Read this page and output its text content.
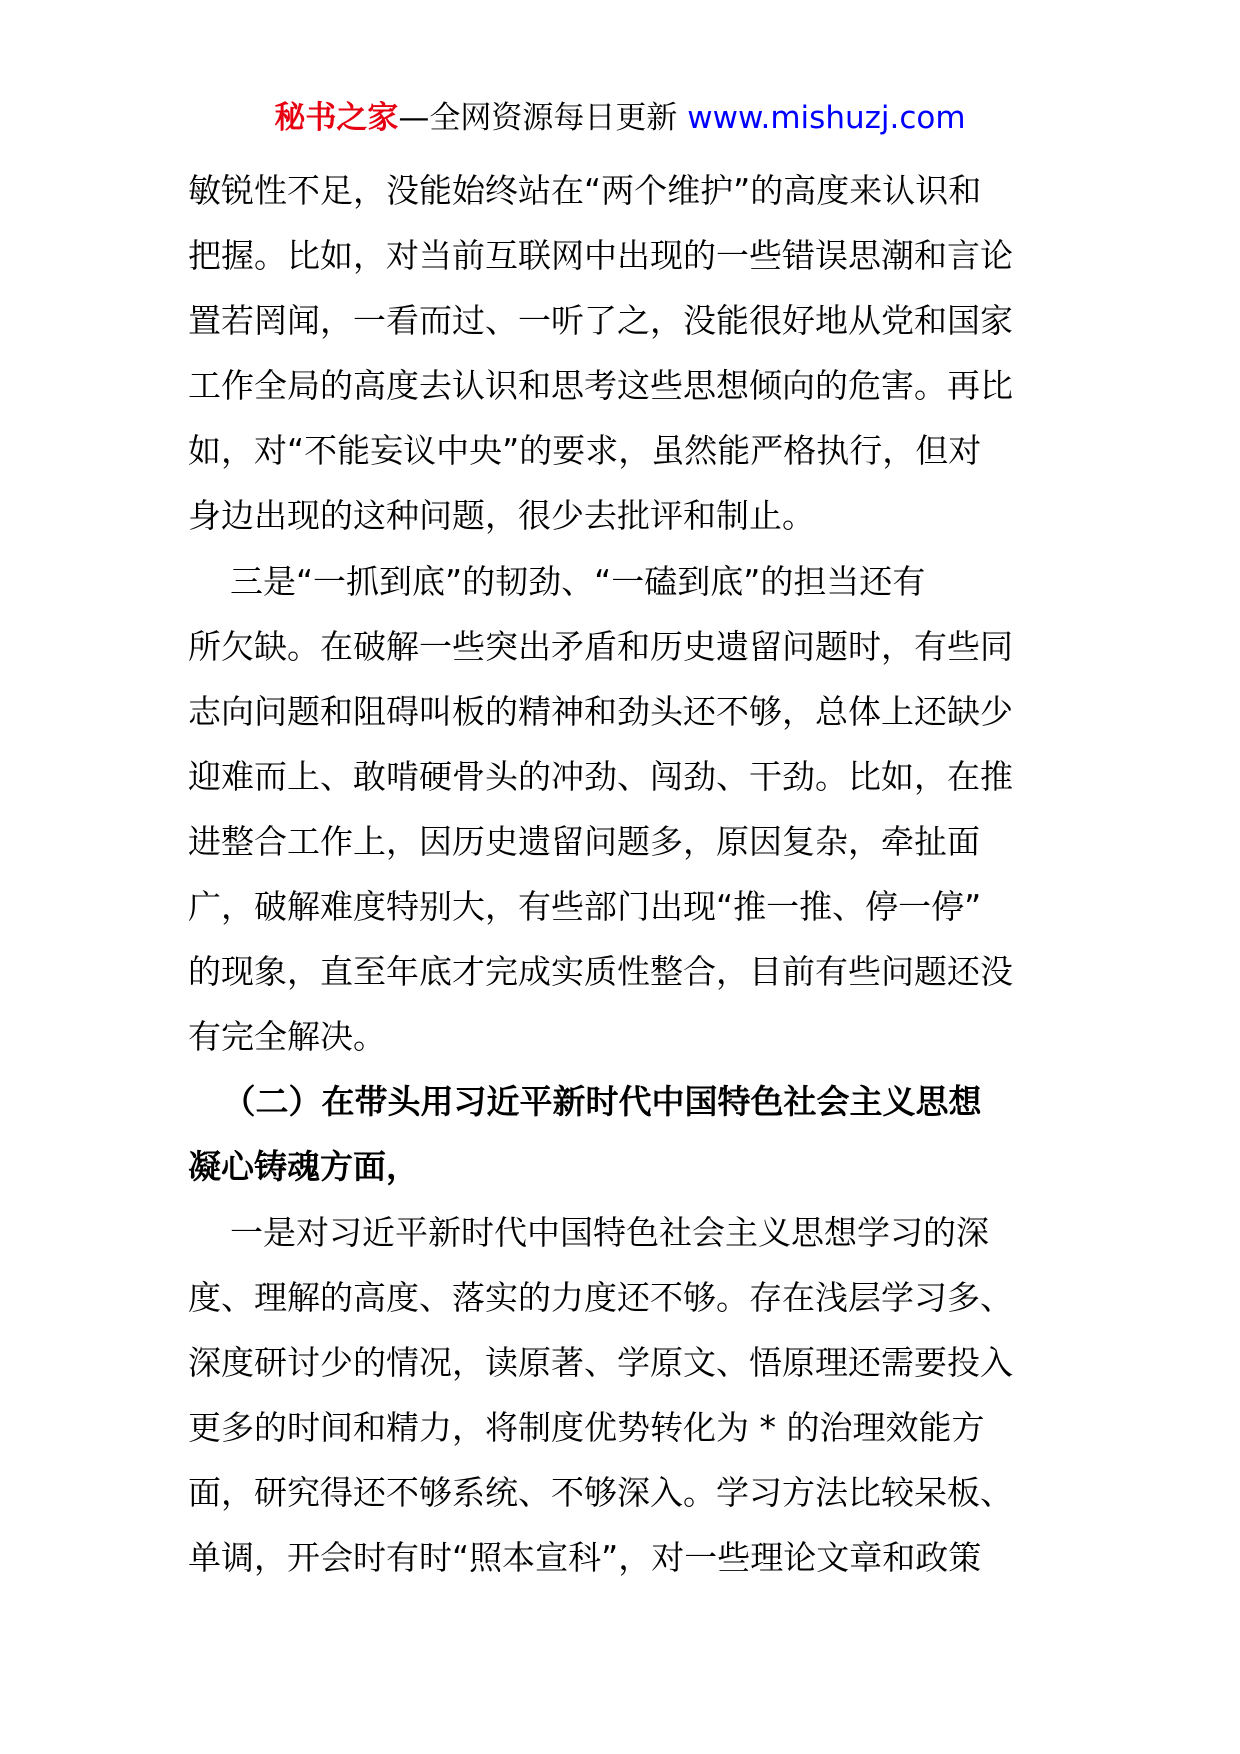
秘书之家—全网资源每日更新 www.mishuzj.com
敏锐性不足，没能始终站在“两个维护”的高度来认识和
把握。比如，对当前互联网中出现的一些错误思潮和言论
置若罔闻，一看而过、一听了之，没能很好地从党和国家
工作全局的高度去认识和思考这些思想倾向的危害。再比
如，对“不能妄议中央”的要求，虽然能严格执行，但对
身边出现的这种问题，很少去批评和制止。
三是“一抓到底”的韧劲、“一磕到底”的担当还有
所欠缺。在破解一些突出矛盾和历史遗留问题时，有些同
志向问题和阻碍叫板的精神和劲头还不够，总体上还缺少
迎难而上、敢啃硬骨头的冲劲、闯劲、干劲。比如，在推
进整合工作上，因历史遗留问题多，原因复杂，牵扯面
广，破解难度特别大，有些部门出现“推一推、停一停”
的现象，直至年底才完成实质性整合，目前有些问题还没
有完全解决。
（二）在带头用习近平新时代中国特色社会主义思想
凝心铸魂方面，
一是对习近平新时代中国特色社会主义思想学习的深
度、理解的高度、落实的力度还不够。存在浅层学习多、
深度研讨少的情况，读原著、学原文、悟原理还需要投入
更多的时间和精力，将制度优势转化为 * 的治理效能方
面，研究得还不够系统、不够深入。学习方法比较呆板、
单调，开会时有时“照本宣科”，对一些理论文章和政策
